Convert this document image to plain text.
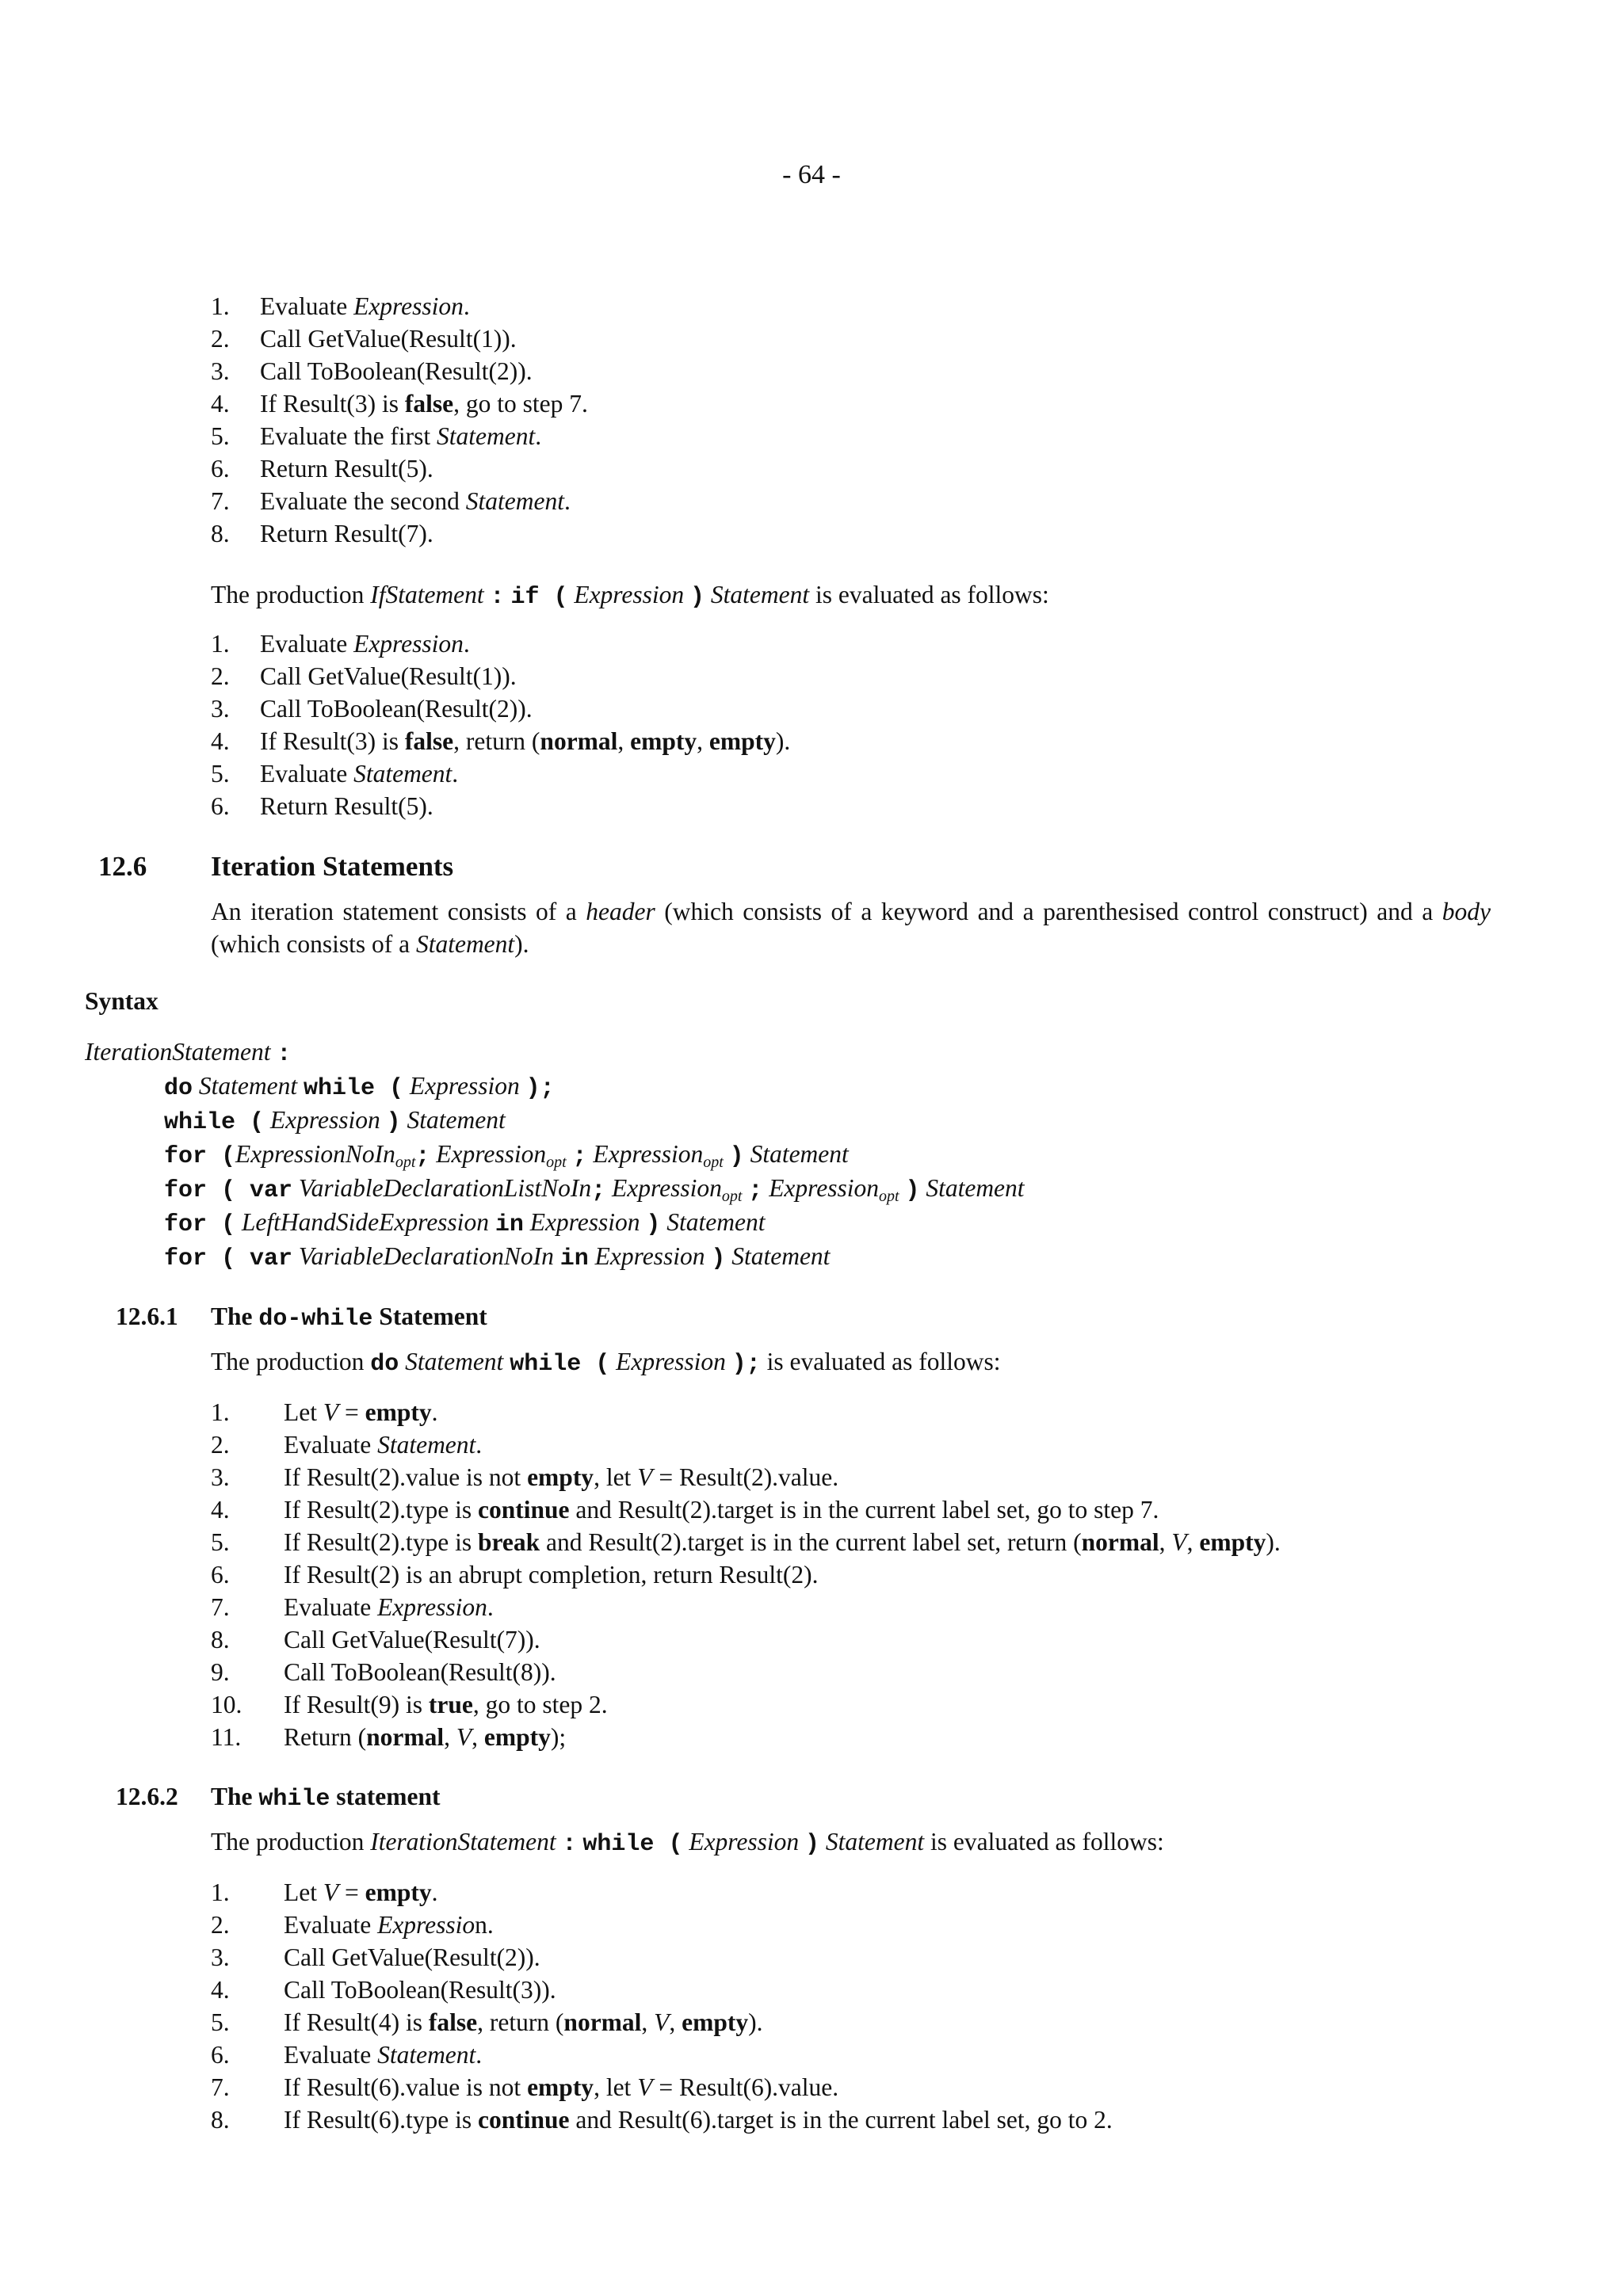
- 64 -
1. Evaluate Expression.
2. Call GetValue(Result(1)).
3. Call ToBoolean(Result(2)).
4. If Result(3) is false, go to step 7.
5. Evaluate the first Statement.
6. Return Result(5).
7. Evaluate the second Statement.
8. Return Result(7).

The production IfStatement : if ( Expression ) Statement is evaluated as follows:

1. Evaluate Expression.
2. Call GetValue(Result(1)).
3. Call ToBoolean(Result(2)).
4. If Result(3) is false, return (normal, empty, empty).
5. Evaluate Statement.
6. Return Result(5).
12.6 Iteration Statements

An iteration statement consists of a header (which consists of a keyword and a parenthesised control construct) and a body (which consists of a Statement).

Syntax
IterationStatement :
do Statement while ( Expression );
while ( Expression ) Statement
for (ExpressionNoIn$_{opt}$; Expression$_{opt}$ ; Expression$_{opt}$ ) Statement
for ( var VariableDeclarationListNoIn; Expression$_{opt}$ ; Expression$_{opt}$ ) Statement
for ( LeftHandSideExpression in Expression ) Statement
for ( var VariableDeclarationNoIn in Expression ) Statement
12.6.1 The do-while Statement

The production do Statement while ( Expression ); is evaluated as follows:

1. Let V = empty.
2. Evaluate Statement.
3. If Result(2).value is not empty, let V = Result(2).value.
4. If Result(2).type is continue and Result(2).target is in the current label set, go to step 7.
5. If Result(2).type is break and Result(2).target is in the current label set, return (normal, V, empty).
6. If Result(2) is an abrupt completion, return Result(2).
7. Evaluate Expression.
8. Call GetValue(Result(7)).
9. Call ToBoolean(Result(8)).
10. If Result(9) is true, go to step 2.
11. Return (normal, V, empty);
12.6.2 The while statement

The production IterationStatement : while ( Expression ) Statement is evaluated as follows:

1. Let V = empty.
2. Evaluate Expression.
3. Call GetValue(Result(2)).
4. Call ToBoolean(Result(3)).
5. If Result(4) is false, return (normal, V, empty).
6. Evaluate Statement.
7. If Result(6).value is not empty, let V = Result(6).value.
8. If Result(6).type is continue and Result(6).target is in the current label set, go to 2.
